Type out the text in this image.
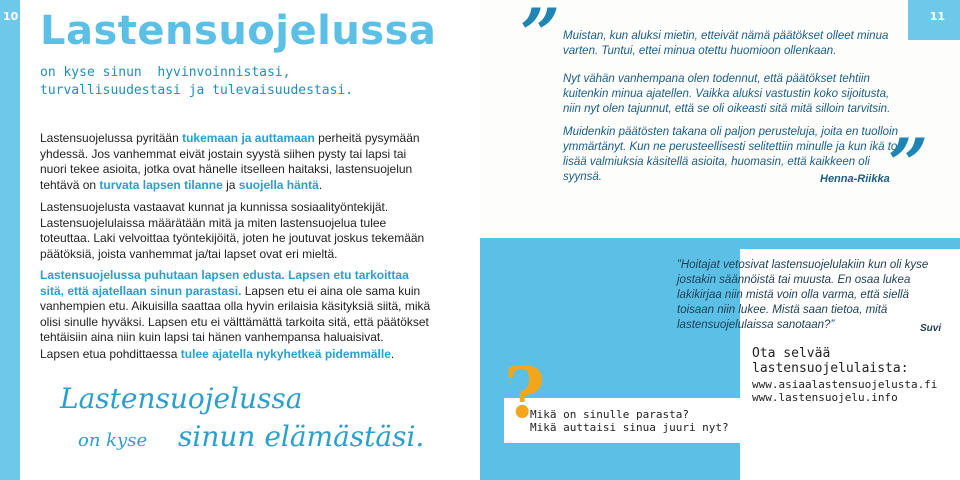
10 Lastensuojelussa
on kyse sinun  hyvinvoinnistasi,
turvallisuudestasi ja tulevaisuudestasi.
Lastensuojelussa pyritään tukemaan ja auttamaan perheitä pysymään yhdessä. Jos vanhemmat eivät jostain syystä siihen pysty tai lapsi tai nuori tekee asioita, jotka ovat hänelle itselleen haitaksi, lastensuojelun tehtävä on turvata lapsen tilanne ja suojella häntä.
Lastensuojelusta vastaavat kunnat ja kunnissa sosiaalityöntekijät. Lastensuojelulaissa määrätään mitä ja miten lastensuojelua tulee toteuttaa. Laki velvoittaa työntekijöitä, joten he joutuvat joskus tekemään päätöksiä, joista vanhemmat ja/tai lapset ovat eri mieltä.
Lastensuojelussa puhutaan lapsen edusta. Lapsen etu tarkoittaa sitä, että ajatellaan sinun parastasi. Lapsen etu ei aina ole sama kuin vanhempien etu. Aikuisilla saattaa olla hyvin erilaisia käsityksiä siitä, mikä olisi sinulle hyväksi. Lapsen etu ei välttämättä tarkoita sitä, että päätökset tehtäisiin aina niin kuin lapsi tai hänen vanhempansa haluaisivat.
Lapsen etua pohdittaessa tulee ajatella nykyhetkeä pidemmälle.
Lastensuojelussa
on kyse sinun elämästäsi.
11
” Muistan, kun aluksi mietin, etteivät nämä päätökset olleet minua varten. Tuntui, ettei minua otettu huomioon ollenkaan.
Nyt vähän vanhempana olen todennut, että päätökset tehtiin kuitenkin minua ajatellen. Vaikka aluksi vastustin koko sijoitusta, niin nyt olen tajunnut, että se oli oikeasti sitä mitä silloin tarvitsin.
Muidenkin päätösten takana oli paljon perusteluja, joita en tuolloin ymmärtänyt. Kun ne perusteellisesti selitettiin minulle ja kun ikä toi lisää valmiuksia käsitellä asioita, huomasin, että kaikkeen oli syynsä.	”
Henna-Riikka
”Hoitajat vetosivat lastensuojelulakiin kun oli kyse jostakin säännöistä tai muusta. En osaa lukea lakikirjaa niin mistä voin olla varma, että siellä toisaan niin lukee. Mistä saan tietoa, mitä lastensuojelulaissa sanotaan?”	Suvi
Ota selvää
lastensuojelulaista:
www.asiaalastensuojelusta.fi
www.lastensuojelu.info
?
Mikä on sinulle parasta?
Mikä auttaisi sinua juuri nyt?
